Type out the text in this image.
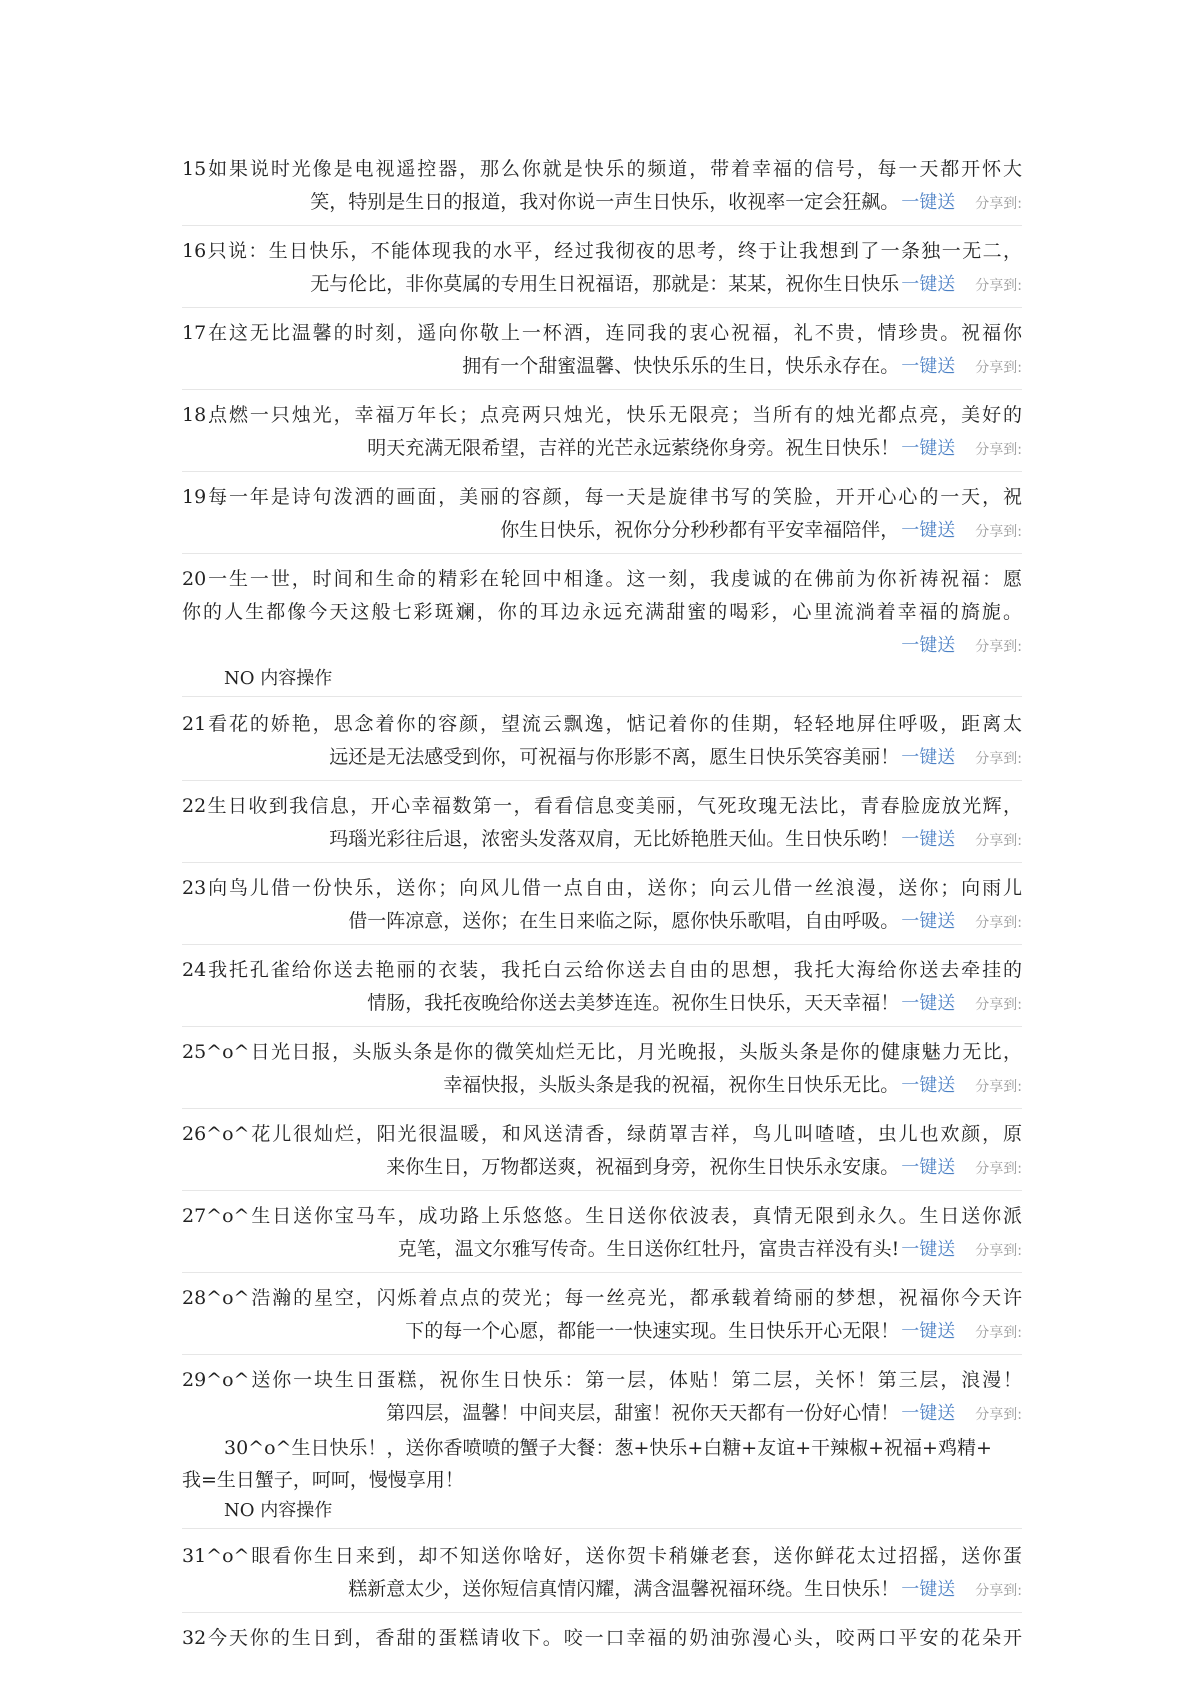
15如果说时光像是电视遥控器，那么你就是快乐的频道，带着幸福的信号，每一天都开怀大
笑，特别是生日的报道，我对你说一声生日快乐，收视率一定会狂飙。 一键送 分享到:
16只说：生日快乐，不能体现我的水平，经过我彻夜的思考，终于让我想到了一条独一无二，
无与伦比，非你莫属的专用生日祝福语，那就是：某某，祝你生日快乐 一键送 分享到:
17在这无比温馨的时刻，遥向你敬上一杯酒，连同我的衷心祝福，礼不贵，情珍贵。祝福你
拥有一个甜蜜温馨、快快乐乐的生日，快乐永存在。 一键送 分享到:
18点燃一只烛光，幸福万年长；点亮两只烛光，快乐无限亮；当所有的烛光都点亮，美好的
明天充满无限希望，吉祥的光芒永远萦绕你身旁。祝生日快乐！ 一键送 分享到:
19每一年是诗句泼洒的画面，美丽的容颜，每一天是旋律书写的笑脸，开开心心的一天，祝
你生日快乐，祝你分分秒秒都有平安幸福陪伴， 一键送 分享到:
20一生一世，时间和生命的精彩在轮回中相逢。这一刻，我虔诚的在佛前为你祈祷祝福：愿
你的人生都像今天这般七彩斑斓，你的耳边永远充满甜蜜的喝彩，心里流淌着幸福的旖旎。
一键送 分享到:
NO 内容操作
21看花的娇艳，思念着你的容颜，望流云飘逸，惦记着你的佳期，轻轻地屏住呼吸，距离太
远还是无法感受到你，可祝福与你形影不离，愿生日快乐笑容美丽！ 一键送 分享到:
22生日收到我信息，开心幸福数第一，看看信息变美丽，气死玫瑰无法比，青春脸庞放光辉，
玛瑙光彩往后退，浓密头发落双肩，无比娇艳胜天仙。生日快乐哟！ 一键送 分享到:
23向鸟儿借一份快乐，送你；向风儿借一点自由，送你；向云儿借一丝浪漫，送你；向雨儿
借一阵凉意，送你；在生日来临之际，愿你快乐歌唱，自由呼吸。 一键送 分享到:
24我托孔雀给你送去艳丽的衣装，我托白云给你送去自由的思想，我托大海给你送去牵挂的
情肠，我托夜晚给你送去美梦连连。祝你生日快乐，天天幸福！ 一键送 分享到:
25^o^日光日报，头版头条是你的微笑灿烂无比，月光晚报，头版头条是你的健康魅力无比，
幸福快报，头版头条是我的祝福，祝你生日快乐无比。 一键送 分享到:
26^o^花儿很灿烂，阳光很温暖，和风送清香，绿荫罩吉祥，鸟儿叫喳喳，虫儿也欢颜，原
来你生日，万物都送爽，祝福到身旁，祝你生日快乐永安康。 一键送 分享到:
27^o^生日送你宝马车，成功路上乐悠悠。生日送你依波表，真情无限到永久。生日送你派
克笔，温文尔雅写传奇。生日送你红牡丹，富贵吉祥没有头! 一键送 分享到:
28^o^浩瀚的星空，闪烁着点点的荧光；每一丝亮光，都承载着绮丽的梦想，祝福你今天许
下的每一个心愿，都能一一快速实现。生日快乐开心无限！ 一键送 分享到:
29^o^送你一块生日蛋糕，祝你生日快乐：第一层，体贴！第二层，关怀！第三层，浪漫！
第四层，温馨！中间夹层，甜蜜！祝你天天都有一份好心情！ 一键送 分享到:
30^o^生日快乐！，送你香喷喷的蟹子大餐：葱+快乐+白糖+友谊+干辣椒+祝福+鸡精+
我=生日蟹子，呵呵，慢慢享用！
NO 内容操作
31^o^眼看你生日来到，却不知送你啥好，送你贺卡稍嫌老套，送你鲜花太过招摇，送你蛋
糕新意太少，送你短信真情闪耀，满含温馨祝福环绕。生日快乐！ 一键送 分享到:
32今天你的生日到，香甜的蛋糕请收下。咬一口幸福的奶油弥漫心头，咬两口平安的花朵开
